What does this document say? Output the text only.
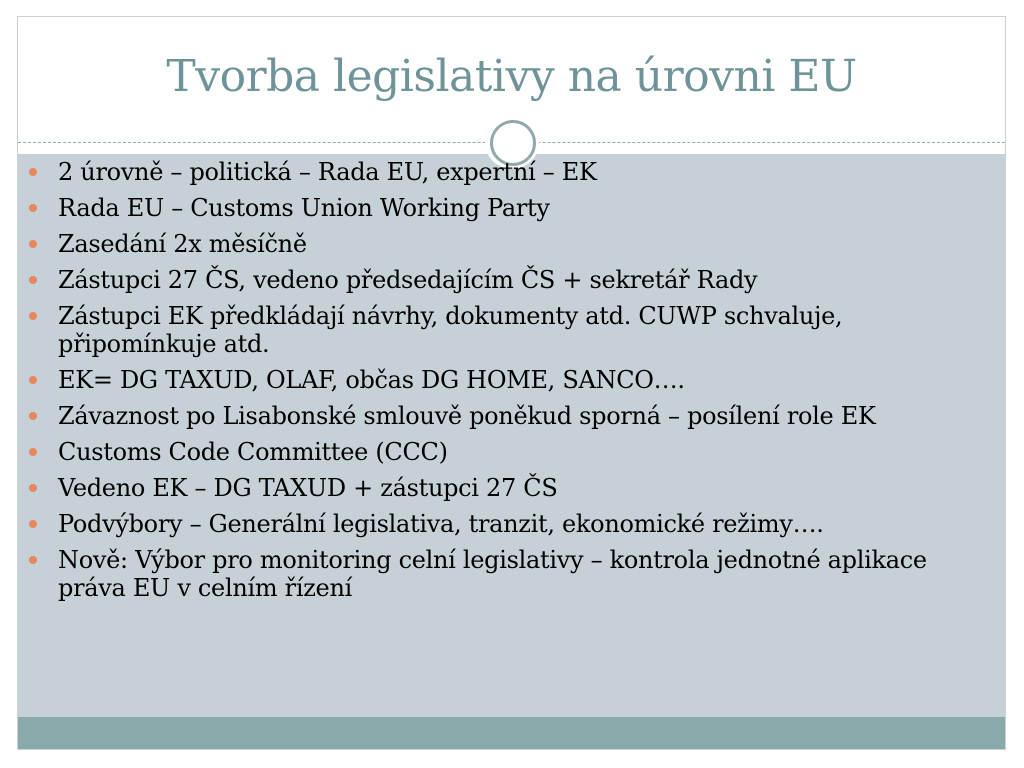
Tvorba legislativy na úrovni EU
2 úrovně – politická – Rada EU, expertní – EK
Rada EU – Customs Union Working Party
Zasedání 2x měsíčně
Zástupci 27 ČS, vedeno předsedajícím ČS + sekretář Rady
Zástupci EK předkládají návrhy, dokumenty atd. CUWP schvaluje, připomínkuje atd.
EK= DG TAXUD, OLAF, občas DG HOME, SANCO….
Závaznost po Lisabonské smlouvě poněkud sporná – posílení role EK
Customs Code Committee (CCC)
Vedeno EK – DG TAXUD + zástupci 27 ČS
Podvýbory – Generální legislativa, tranzit, ekonomické režimy….
Nově: Výbor pro monitoring celní legislativy – kontrola jednotné aplikace práva EU v celním řízení
